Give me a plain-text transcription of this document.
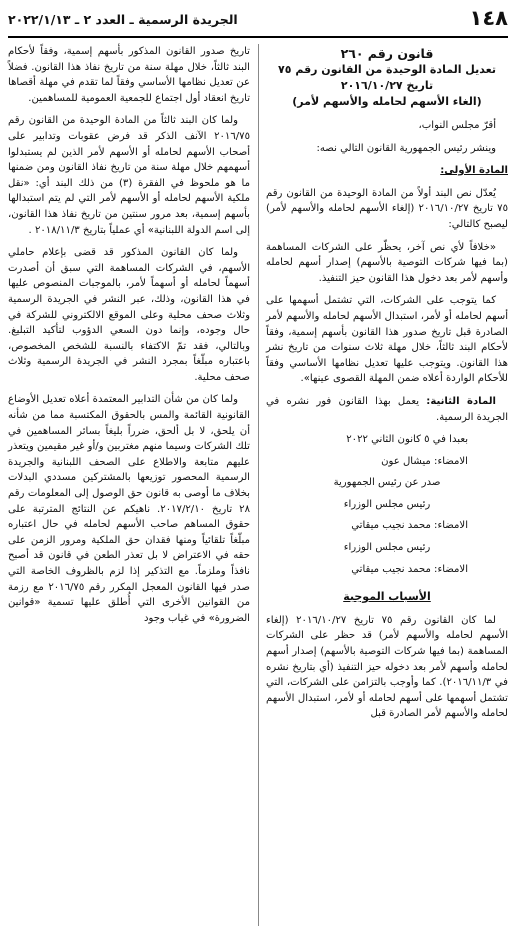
١٤٨
الجريدة الرسمية ـ العدد ٢ ـ ٢٠٢٢/١/١٣
قانون رقم ٢٦٠
تعديل المادة الوحيدة من القانون رقم ٧٥
تاريخ ٢٠١٦/١٠/٢٧
(الغاء الأسهم لحامله والأسهم لأمر)

أقرّ مجلس النواب،

وينشر رئيس الجمهورية القانون التالي نصه:

المادة الأولى:

يُعدّل نص البند أولاً من المادة الوحيدة من القانون رقم ٧٥ تاريخ ٢٠١٦/١٠/٢٧ (إلغاء الأسهم لحامله والأسهم لأمر) ليصبح كالتالي:

«خلافاً لأي نص آخر، يحظّر على الشركات المساهمة (بما فيها شركات التوصية بالأسهم) إصدار أسهم لحامله وأسهم لأمر بعد دخول هذا القانون حيز التنفيذ.

كما يتوجب على الشركات، التي تشتمل أسهمها على أسهم لحامله أو لأمر، استبدال الأسهم لحامله والأسهم لأمر الصادرة قبل تاريخ صدور هذا القانون بأسهم إسمية، وفقاً لأحكام البند ثالثاً، خلال مهلة ثلاث سنوات من تاريخ نشر هذا القانون. ويتوجب عليها تعديل نظامها الأساسي وفقاً للأحكام الواردة أعلاه ضمن المهلة القصوى عينها».

المادة الثانية: يعمل بهذا القانون فور نشره في الجريدة الرسمية.

بعبدا في ٥ كانون الثاني ٢٠٢٢

الامضاء: ميشال عون

صدر عن رئيس الجمهورية

رئيس مجلس الوزراء

الامضاء: محمد نجيب ميقاتي

رئيس مجلس الوزراء

الامضاء: محمد نجيب ميقاتي

الأسباب الموجبة

لما كان القانون رقم ٧٥ تاريخ ٢٠١٦/١٠/٢٧ (إلغاء الأسهم لحامله والأسهم لأمر) قد حظر على الشركات المساهمة (بما فيها شركات التوصية بالأسهم) إصدار أسهم لحامله وأسهم لأمر بعد دخوله حيز التنفيذ (أي بتاريخ نشره في ٢٠١٦/١١/٣). كما وأوجب بالتزامن على الشركات، التي تشتمل أسهمها على أسهم لحامله أو لأمر، استبدال الأسهم لحامله والأسهم لأمر الصادرة قبل

تاريخ صدور القانون المذكور بأسهم إسمية، وفقاً لأحكام البند ثالثاً، خلال مهلة سنة من تاريخ نفاذ هذا القانون. فضلاً عن تعديل نظامها الأساسي وفقاً لما تقدم في مهلة أقصاها تاريخ انعقاد أول اجتماع للجمعية العمومية للمساهمين.

ولما كان البند ثالثاً من المادة الوحيدة من القانون رقم ٢٠١٦/٧٥ الآنف الذكر قد فرض عقوبات وتدابير على أصحاب الأسهم لحامله أو الأسهم لأمر الذين لم يستبدلوا أسهمهم خلال مهلة سنة من تاريخ نفاذ القانون ومن ضمنها ما هو ملحوظ في الفقرة (٣) من ذلك البند أي: «نقل ملكية الأسهم لحامله أو الأسهم لأمر التي لم يتم استبدالها بأسهم إسمية، بعد مرور سنتين من تاريخ نفاذ هذا القانون، إلى اسم الدولة اللبنانية» أي عملياً بتاريخ ٢٠١٨/١١/٣ .

ولما كان القانون المذكور قد قضى بإعلام حاملي الأسهم، في الشركات المساهمة التي سبق أن أصدرت أسهماً لحامله أو أسهماً لأمر، بالموجبات المنصوص عليها في هذا القانون، وذلك، عبر النشر في الجريدة الرسمية وثلاث صحف محلية وعلى الموقع الالكتروني للشركة في حال وجوده، وإنما دون السعي الدؤوب لتأكيد التبليغ. وبالتالي، فقد تمّ الاكتفاء بالنسبة للشخص المخصوص، باعتباره مبلّغاً بمجرد النشر في الجريدة الرسمية وثلاث صحف محلية.

ولما كان من شأن التدابير المعتمدة أعلاه تعديل الأوضاع القانونية القائمة والمس بالحقوق المكتسبة مما من شأنه أن يلحق، لا بل ألحق، ضرراً بليغاً بسائر المساهمين في تلك الشركات وسيما منهم مغتربين و/أو غير مقيمين ويتعذر عليهم متابعة والاطلاع على الصحف اللبنانية والجريدة الرسمية المحصور توزيعها بالمشتركين مسددي البدلات بخلاف ما أوصى به قانون حق الوصول إلى المعلومات رقم ٢٨ تاريخ ٢٠١٧/٢/١٠. ناهيكم عن النتائج المترتبة على حقوق المساهم صاحب الأسهم لحامله في حال اعتباره مبلّغاً تلقائياً ومنها فقدان حق الملكية ومرور الزمن على حقه في الاعتراض لا بل تعذر الطعن في قانون قد أصبح نافذاً وملزماً. مع التذكير إذا لزم بالظروف الخاصة التي صدر فيها القانون المعجل المكرر رقم ٢٠١٦/٧٥ مع رزمة من القوانين الأخرى التي أُطلق عليها تسمية «قوانين الضرورة» في غياب وجود
